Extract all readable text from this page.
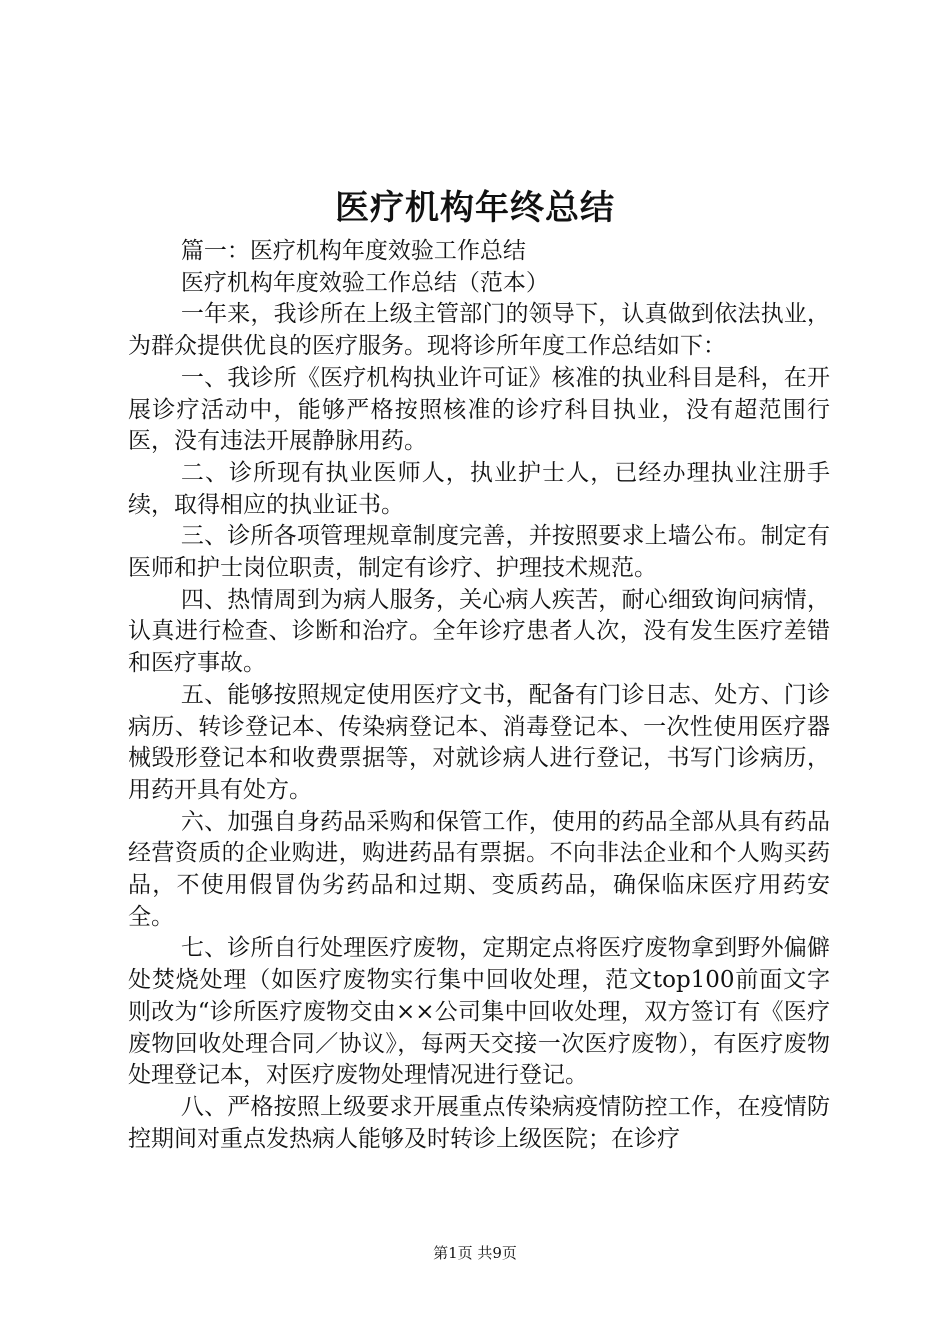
医疗机构年终总结

篇一：医疗机构年度效验工作总结

医疗机构年度效验工作总结（范本）

一年来，我诊所在上级主管部门的领导下，认真做到依法执业，为群众提供优良的医疗服务。现将诊所年度工作总结如下：

一、我诊所《医疗机构执业许可证》核准的执业科目是科，在开展诊疗活动中，能够严格按照核准的诊疗科目执业，没有超范围行医，没有违法开展静脉用药。

二、诊所现有执业医师人，执业护士人，已经办理执业注册手续，取得相应的执业证书。

三、诊所各项管理规章制度完善，并按照要求上墙公布。制定有医师和护士岗位职责，制定有诊疗、护理技术规范。

四、热情周到为病人服务，关心病人疾苦，耐心细致询问病情，认真进行检查、诊断和治疗。全年诊疗患者人次，没有发生医疗差错和医疗事故。

五、能够按照规定使用医疗文书，配备有门诊日志、处方、门诊病历、转诊登记本、传染病登记本、消毒登记本、一次性使用医疗器械毁形登记本和收费票据等，对就诊病人进行登记，书写门诊病历，用药开具有处方。

六、加强自身药品采购和保管工作，使用的药品全部从具有药品经营资质的企业购进，购进药品有票据。不向非法企业和个人购买药品，不使用假冒伪劣药品和过期、变质药品，确保临床医疗用药安全。

七、诊所自行处理医疗废物，定期定点将医疗废物拿到野外偏僻处焚烧处理（如医疗废物实行集中回收处理，范文top100前面文字则改为“诊所医疗废物交由××公司集中回收处理，双方签订有《医疗废物回收处理合同／协议》，每两天交接一次医疗废物），有医疗废物处理登记本，对医疗废物处理情况进行登记。

八、严格按照上级要求开展重点传染病疫情防控工作，在疫情防控期间对重点发热病人能够及时转诊上级医院；在诊疗

第1页 共9页
